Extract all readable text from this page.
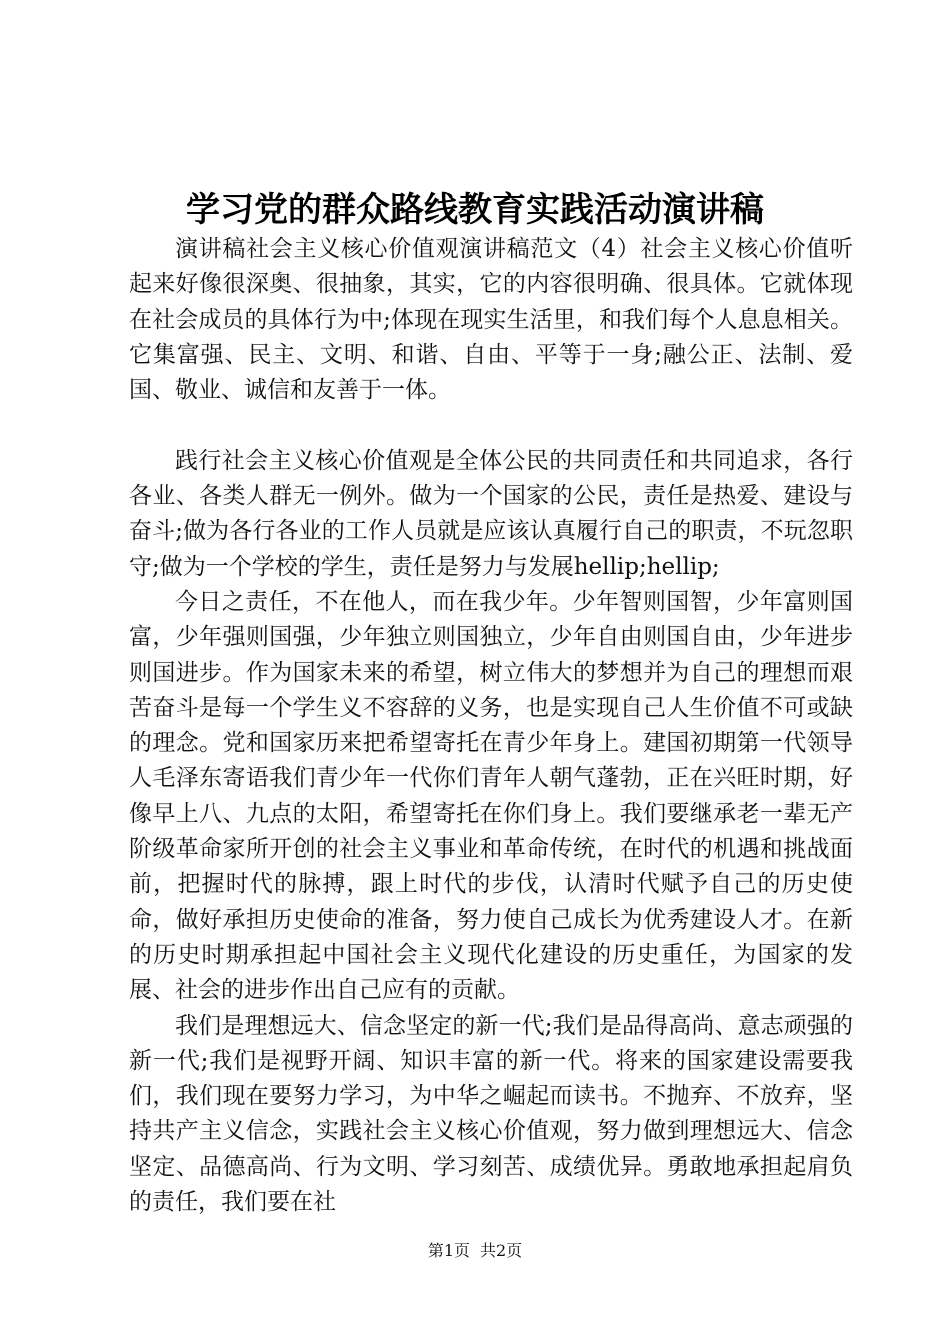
学习党的群众路线教育实践活动演讲稿

演讲稿社会主义核心价值观演讲稿范文（4）社会主义核心价值听起来好像很深奥、很抽象，其实，它的内容很明确、很具体。它就体现在社会成员的具体行为中;体现在现实生活里，和我们每个人息息相关。它集富强、民主、文明、和谐、自由、平等于一身;融公正、法制、爱国、敬业、诚信和友善于一体。

践行社会主义核心价值观是全体公民的共同责任和共同追求，各行各业、各类人群无一例外。做为一个国家的公民，责任是热爱、建设与奋斗;做为各行各业的工作人员就是应该认真履行自己的职责，不玩忽职守;做为一个学校的学生，责任是努力与发展hellip;hellip;

今日之责任，不在他人，而在我少年。少年智则国智，少年富则国富，少年强则国强，少年独立则国独立，少年自由则国自由，少年进步则国进步。作为国家未来的希望，树立伟大的梦想并为自己的理想而艰苦奋斗是每一个学生义不容辞的义务，也是实现自己人生价值不可或缺的理念。党和国家历来把希望寄托在青少年身上。建国初期第一代领导人毛泽东寄语我们青少年一代你们青年人朝气蓬勃，正在兴旺时期，好像早上八、九点的太阳，希望寄托在你们身上。我们要继承老一辈无产阶级革命家所开创的社会主义事业和革命传统，在时代的机遇和挑战面前，把握时代的脉搏，跟上时代的步伐，认清时代赋予自己的历史使命，做好承担历史使命的准备，努力使自己成长为优秀建设人才。在新的历史时期承担起中国社会主义现代化建设的历史重任，为国家的发展、社会的进步作出自己应有的贡献。

我们是理想远大、信念坚定的新一代;我们是品得高尚、意志顽强的新一代;我们是视野开阔、知识丰富的新一代。将来的国家建设需要我们，我们现在要努力学习，为中华之崛起而读书。不抛弃、不放弃，坚持共产主义信念，实践社会主义核心价值观，努力做到理想远大、信念坚定、品德高尚、行为文明、学习刻苦、成绩优异。勇敢地承担起肩负的责任，我们要在社

第1页 共2页
